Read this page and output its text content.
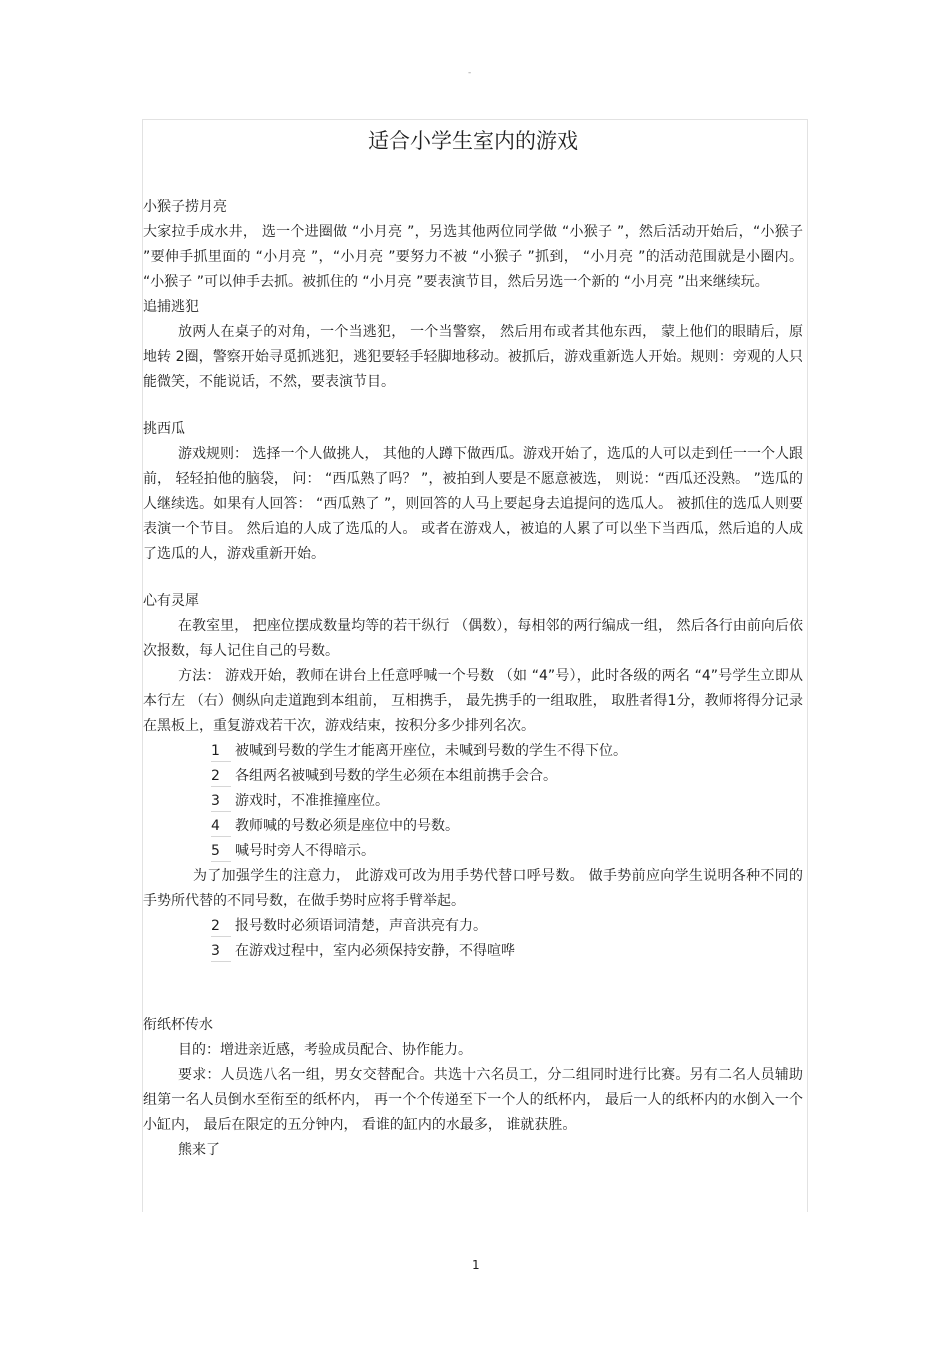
-
适合小学生室内的游戏

小猴子捞月亮

大家拉手成水井， 选一个进圈做 “小月亮 ”，另选其他两位同学做 “小猴子 ”，然后活动开始后，“小猴子 ”要伸手抓里面的 “小月亮 ”，“小月亮 ”要努力不被 “小猴子 ”抓到， “小月亮 ”的活动范围就是小圈内。 “小猴子 ”可以伸手去抓。被抓住的 “小月亮 ”要表演节目，然后另选一个新的 “小月亮 ”出来继续玩。

追捕逃犯

放两人在桌子的对角，一个当逃犯， 一个当警察， 然后用布或者其他东西， 蒙上他们的眼睛后，原地转 2圈，警察开始寻觅抓逃犯，逃犯要轻手轻脚地移动。被抓后，游戏重新选人开始。规则：旁观的人只能微笑，不能说话，不然，要表演节目。

挑西瓜

游戏规则： 选择一个人做挑人， 其他的人蹲下做西瓜。游戏开始了，选瓜的人可以走到任一一个人跟前， 轻轻拍他的脑袋， 问： “西瓜熟了吗？ ”，被拍到人要是不愿意被选， 则说：“西瓜还没熟。 ”选瓜的人继续选。如果有人回答： “西瓜熟了 ”，则回答的人马上要起身去追提问的选瓜人。 被抓住的选瓜人则要表演一个节目。 然后追的人成了选瓜的人。 或者在游戏人，被追的人累了可以坐下当西瓜，然后追的人成了选瓜的人，游戏重新开始。

心有灵犀

在教室里， 把座位摆成数量均等的若干纵行 （偶数），每相邻的两行编成一组， 然后各行由前向后依次报数，每人记住自己的号数。

方法： 游戏开始，教师在讲台上任意呼喊一个号数 （如 “4”号），此时各级的两名 “4”号学生立即从本行左 （右）侧纵向走道跑到本组前， 互相携手， 最先携手的一组取胜， 取胜者得1分，教师将得分记录在黑板上，重复游戏若干次，游戏结束，按积分多少排列名次。

1 被喊到号数的学生才能离开座位，未喊到号数的学生不得下位。

2 各组两名被喊到号数的学生必须在本组前携手会合。

3 游戏时，不准推撞座位。

4 教师喊的号数必须是座位中的号数。

5 喊号时旁人不得暗示。

为了加强学生的注意力， 此游戏可改为用手势代替口呼号数。 做手势前应向学生说明各种不同的手势所代替的不同号数，在做手势时应将手臂举起。

2 报号数时必须语词清楚，声音洪亮有力。

3 在游戏过程中，室内必须保持安静，不得喧哗

衔纸杯传水

目的：增进亲近感，考验成员配合、协作能力。

要求：人员选八名一组，男女交替配合。共选十六名员工，分二组同时进行比赛。另有二名人员辅助组第一名人员倒水至衔至的纸杯内， 再一个个传递至下一个人的纸杯内， 最后一人的纸杯内的水倒入一个小缸内， 最后在限定的五分钟内， 看谁的缸内的水最多， 谁就获胜。

熊来了

1
